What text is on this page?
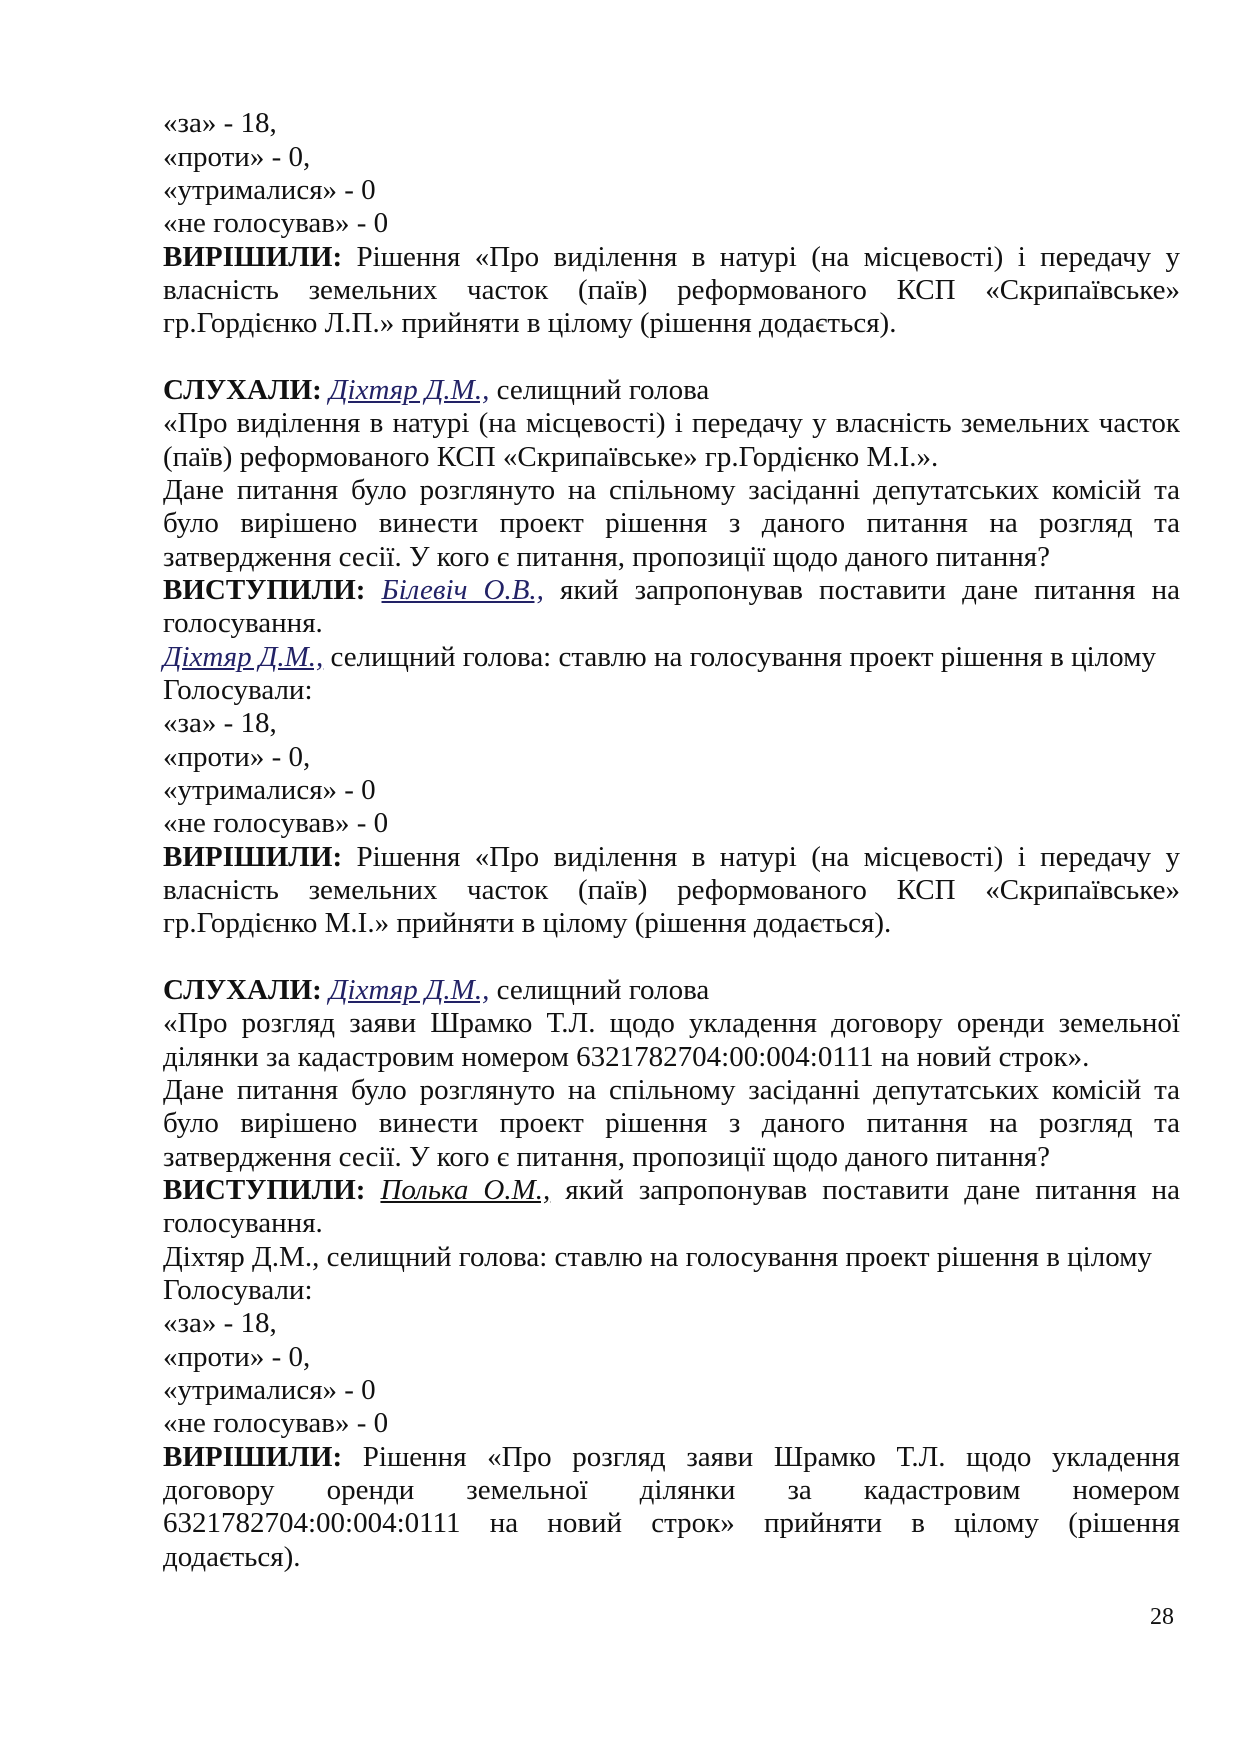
«за» - 18,
«проти» - 0,
«утрималися» - 0
«не голосував» - 0
ВИРІШИЛИ: Рішення «Про виділення в натурі (на місцевості) і передачу у
власність земельних часток (паїв) реформованого КСП «Скрипаївське»
гр.Гордієнко Л.П.» прийняти в цілому (рішення додається).
СЛУХАЛИ: Діхтяр Д.М., селищний голова
«Про виділення в натурі (на місцевості) і передачу у власність земельних часток
(паїв) реформованого КСП «Скрипаївське» гр.Гордієнко М.І.».
Дане питання було розглянуто на спільному засіданні депутатських комісій та
було вирішено винести проект рішення з даного питання на розгляд та
затвердження сесії. У кого є питання, пропозиції щодо даного питання?
ВИСТУПИЛИ: Білевіч О.В., який запропонував поставити дане питання на
голосування.
Діхтяр Д.М., селищний голова: ставлю на голосування проект рішення в цілому
Голосували:
«за» - 18,
«проти» - 0,
«утрималися» - 0
«не голосував» - 0
ВИРІШИЛИ: Рішення «Про виділення в натурі (на місцевості) і передачу у
власність земельних часток (паїв) реформованого КСП «Скрипаївське»
гр.Гордієнко М.І.» прийняти в цілому (рішення додається).
СЛУХАЛИ: Діхтяр Д.М., селищний голова
«Про розгляд заяви Шрамко Т.Л. щодо укладення договору оренди земельної
ділянки за кадастровим номером 6321782704:00:004:0111 на новий строк».
Дане питання було розглянуто на спільному засіданні депутатських комісій та
було вирішено винести проект рішення з даного питання на розгляд та
затвердження сесії. У кого є питання, пропозиції щодо даного питання?
ВИСТУПИЛИ: Полька О.М., який запропонував поставити дане питання на
голосування.
Діхтяр Д.М., селищний голова: ставлю на голосування проект рішення в цілому
Голосували:
«за» - 18,
«проти» - 0,
«утрималися» - 0
«не голосував» - 0
ВИРІШИЛИ: Рішення «Про розгляд заяви Шрамко Т.Л. щодо укладення
договору оренди земельної ділянки за кадастровим номером
6321782704:00:004:0111 на новий строк» прийняти в цілому (рішення
додається).
28
